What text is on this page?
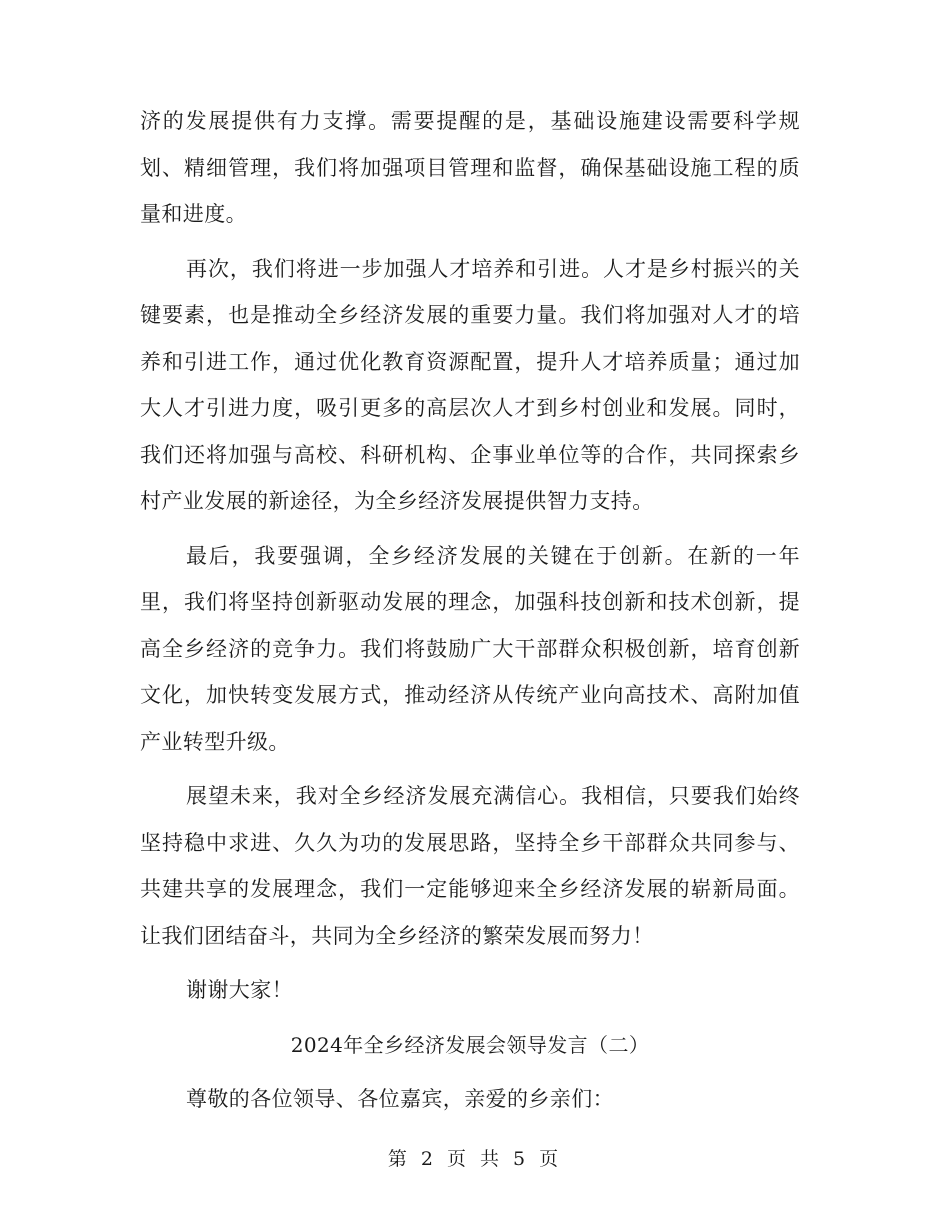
济的发展提供有力支撑。需要提醒的是，基础设施建设需要科学规划、精细管理，我们将加强项目管理和监督，确保基础设施工程的质量和进度。

再次，我们将进一步加强人才培养和引进。人才是乡村振兴的关键要素，也是推动全乡经济发展的重要力量。我们将加强对人才的培养和引进工作，通过优化教育资源配置，提升人才培养质量；通过加大人才引进力度，吸引更多的高层次人才到乡村创业和发展。同时，我们还将加强与高校、科研机构、企事业单位等的合作，共同探索乡村产业发展的新途径，为全乡经济发展提供智力支持。

最后，我要强调，全乡经济发展的关键在于创新。在新的一年里，我们将坚持创新驱动发展的理念，加强科技创新和技术创新，提高全乡经济的竞争力。我们将鼓励广大干部群众积极创新，培育创新文化，加快转变发展方式，推动经济从传统产业向高技术、高附加值产业转型升级。

展望未来，我对全乡经济发展充满信心。我相信，只要我们始终坚持稳中求进、久久为功的发展思路，坚持全乡干部群众共同参与、共建共享的发展理念，我们一定能够迎来全乡经济发展的崭新局面。让我们团结奋斗，共同为全乡经济的繁荣发展而努力！

谢谢大家！

2024年全乡经济发展会领导发言（二）

尊敬的各位领导、各位嘉宾，亲爱的乡亲们：

第 2 页 共 5 页
